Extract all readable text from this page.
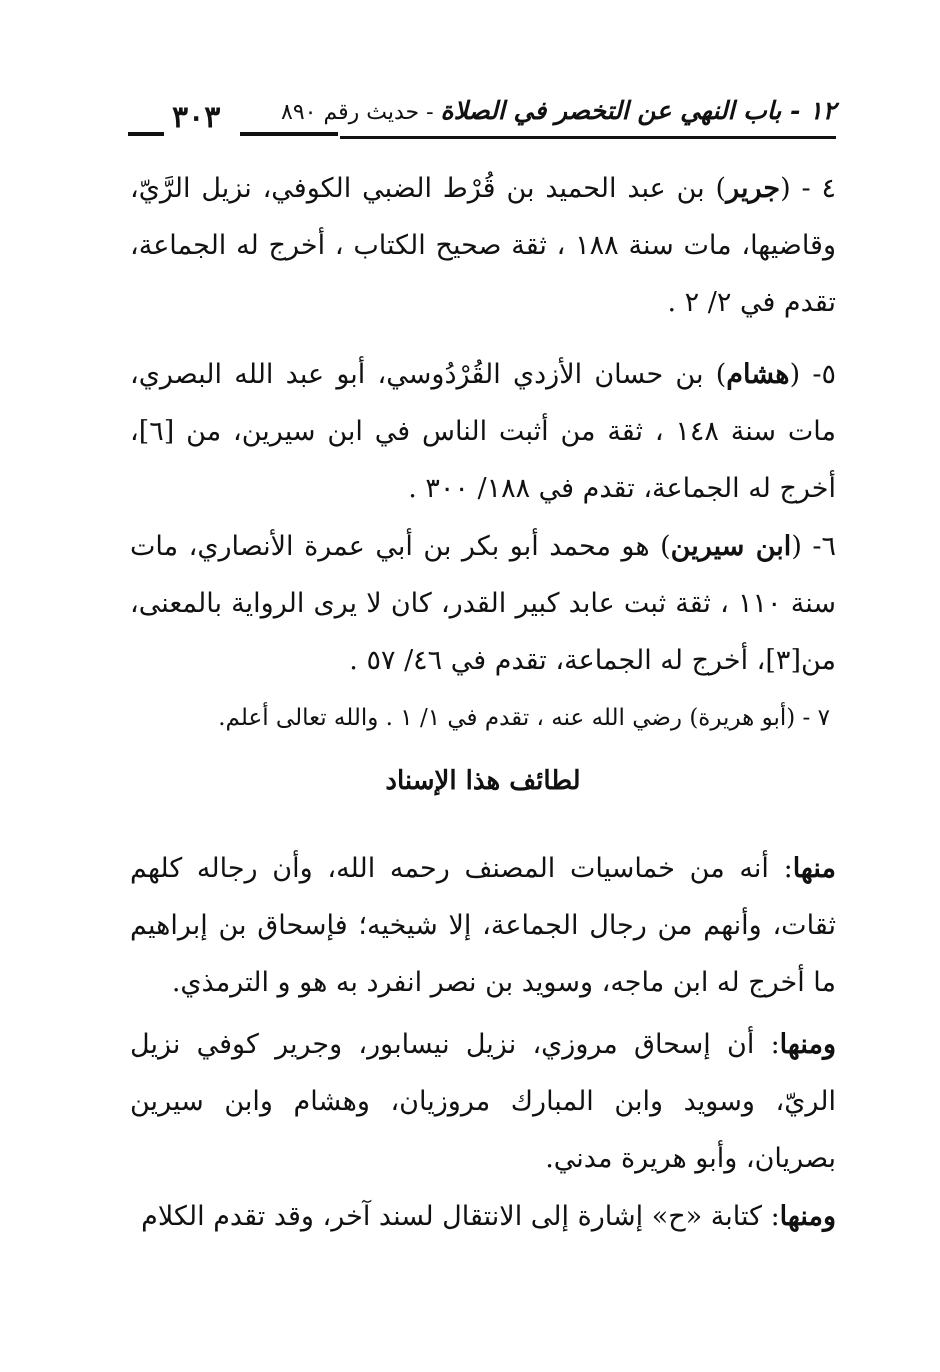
٣٠٣	١٢ - باب النهي عن التخصر في الصلاة - حديث رقم ٨٩٠
٤ - (جرير) بن عبد الحميد بن قُرْط الضبي الكوفي، نزيل الرَّيّ، وقاضيها، مات سنة ١٨٨ ، ثقة صحيح الكتاب ، أخرج له الجماعة، تقدم في ٢/ ٢ .
٥- (هشام) بن حسان الأزدي القُرْدُوسي، أبو عبد الله البصري، مات سنة ١٤٨ ، ثقة من أثبت الناس في ابن سيرين، من [٦]، أخرج له الجماعة، تقدم في ١٨٨/ ٣٠٠ .
٦- (ابن سيرين) هو محمد أبو بكر بن أبي عمرة الأنصاري، مات سنة ١١٠ ، ثقة ثبت عابد كبير القدر، كان لا يرى الرواية بالمعنى، من[٣]، أخرج له الجماعة، تقدم في ٤٦/ ٥٧ .
٧ - (أبو هريرة) رضي الله عنه ، تقدم في ١/ ١ . والله تعالى أعلم.
لطائف هذا الإسناد
منها: أنه من خماسيات المصنف رحمه الله، وأن رجاله كلهم ثقات، وأنهم من رجال الجماعة، إلا شيخيه؛ فإسحاق بن إبراهيم ما أخرج له ابن ماجه، وسويد بن نصر انفرد به هو و الترمذي.
ومنها: أن إسحاق مروزي، نزيل نيسابور، وجرير كوفي نزيل الريّ، وسويد وابن المبارك مروزيان، وهشام وابن سيرين بصريان، وأبو هريرة مدني.
ومنها: كتابة «ح» إشارة إلى الانتقال لسند آخر، وقد تقدم الكلام
